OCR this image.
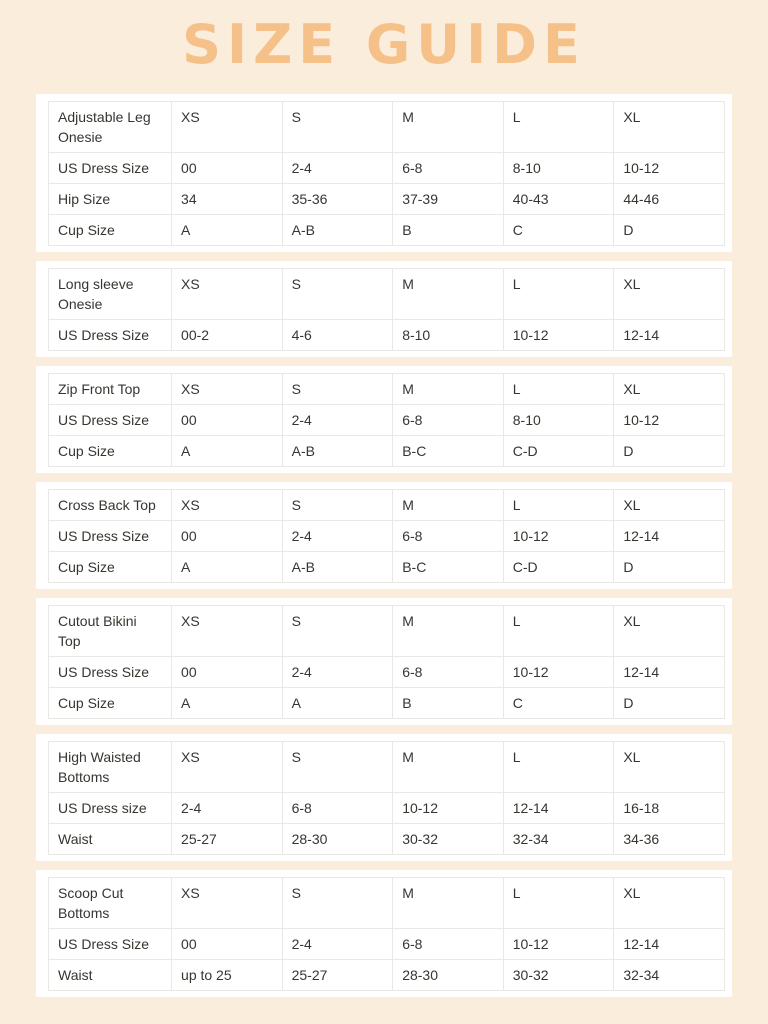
SIZE GUIDE
Adjustable Leg Onesie	XS	S	M	L	XL
US Dress Size	00	2-4	6-8	8-10	10-12
Hip Size	34	35-36	37-39	40-43	44-46
Cup Size	A	A-B	B	C	D
Long sleeve Onesie	XS	S	M	L	XL
US Dress Size	00-2	4-6	8-10	10-12	12-14
Zip Front Top	XS	S	M	L	XL
US Dress Size	00	2-4	6-8	8-10	10-12
Cup Size	A	A-B	B-C	C-D	D
Cross Back Top	XS	S	M	L	XL
US Dress Size	00	2-4	6-8	10-12	12-14
Cup Size	A	A-B	B-C	C-D	D
Cutout Bikini Top	XS	S	M	L	XL
US Dress Size	00	2-4	6-8	10-12	12-14
Cup Size	A	A	B	C	D
High Waisted Bottoms	XS	S	M	L	XL
US Dress size	2-4	6-8	10-12	12-14	16-18
Waist	25-27	28-30	30-32	32-34	34-36
Scoop Cut Bottoms	XS	S	M	L	XL
US Dress Size	00	2-4	6-8	10-12	12-14
Waist	up to 25	25-27	28-30	30-32	32-34
